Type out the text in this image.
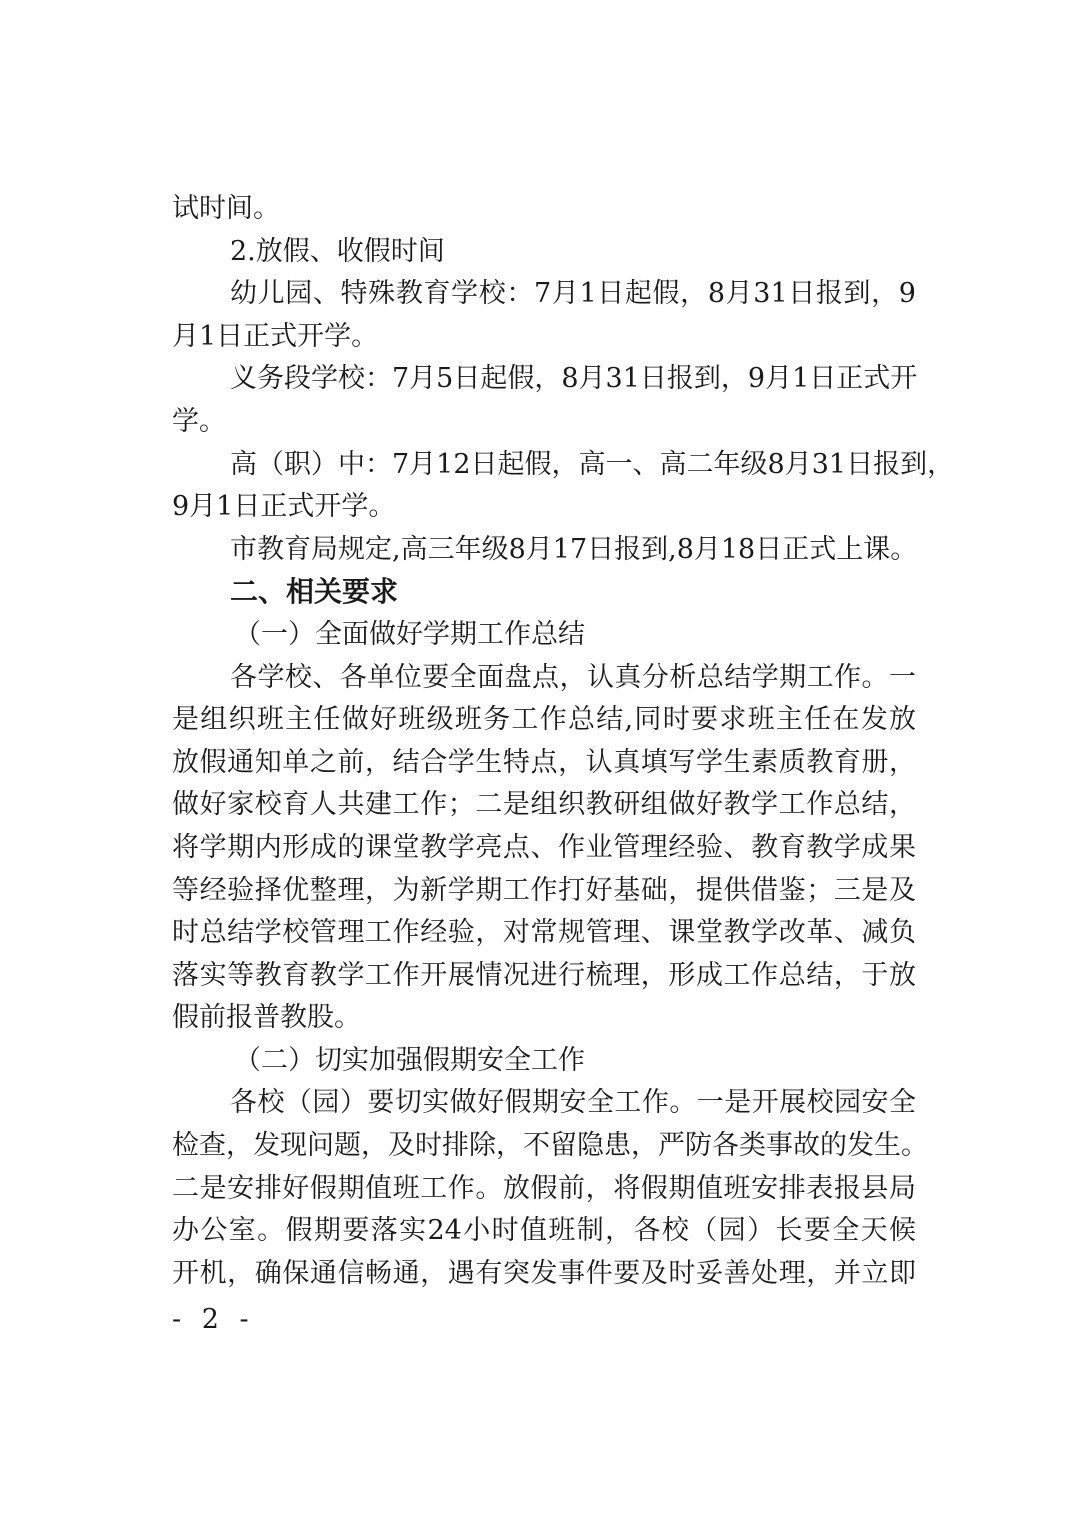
试时间。
2.放假、收假时间
幼儿园、特殊教育学校：7月1日起假，8月31日报到，9
月1日正式开学。
义务段学校：7月5日起假，8月31日报到，9月1日正式开
学。
高（职）中：7月12日起假，高一、高二年级8月31日报到，
9月1日正式开学。
市教育局规定,高三年级8月17日报到,8月18日正式上课。
二、相关要求
（一）全面做好学期工作总结
各学校、各单位要全面盘点，认真分析总结学期工作。一
是组织班主任做好班级班务工作总结,同时要求班主任在发放
放假通知单之前，结合学生特点，认真填写学生素质教育册，
做好家校育人共建工作；二是组织教研组做好教学工作总结，
将学期内形成的课堂教学亮点、作业管理经验、教育教学成果
等经验择优整理，为新学期工作打好基础，提供借鉴；三是及
时总结学校管理工作经验，对常规管理、课堂教学改革、减负
落实等教育教学工作开展情况进行梳理，形成工作总结，于放
假前报普教股。
（二）切实加强假期安全工作
各校（园）要切实做好假期安全工作。一是开展校园安全
检查，发现问题，及时排除，不留隐患，严防各类事故的发生。
二是安排好假期值班工作。放假前，将假期值班安排表报县局
办公室。假期要落实24小时值班制，各校（园）长要全天候
开机，确保通信畅通，遇有突发事件要及时妥善处理，并立即
- 2 -
